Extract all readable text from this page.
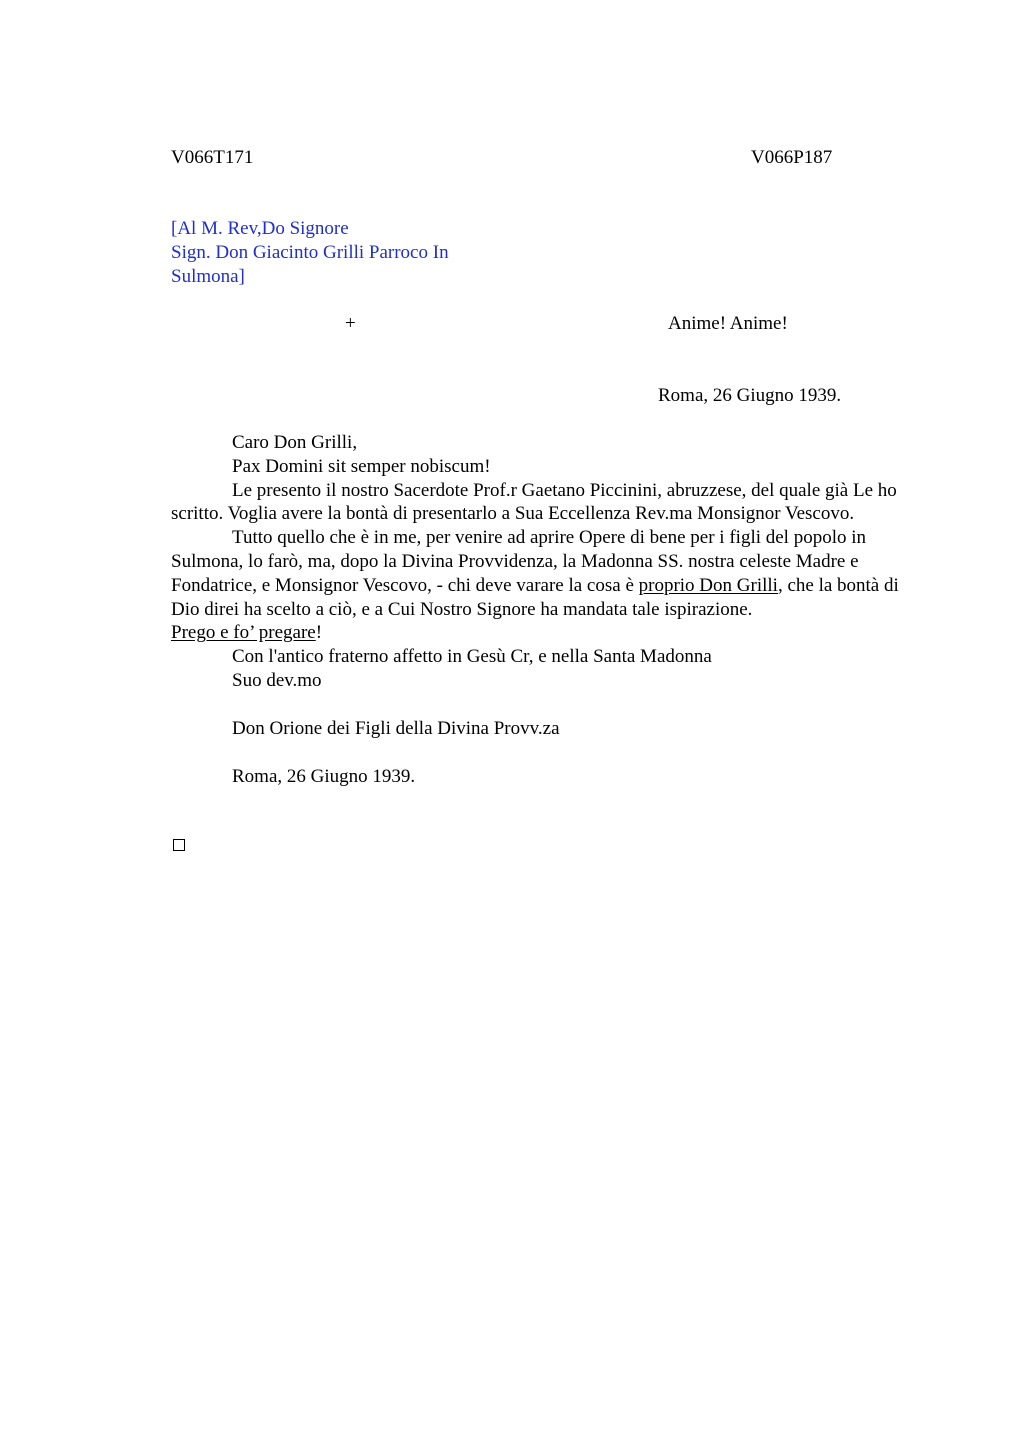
V066T171	V066P187
[Al M. Rev,Do Signore
Sign. Don Giacinto Grilli Parroco In
Sulmona]
+	Anime! Anime!
Roma, 26 Giugno 1939.

Caro Don Grilli,

Pax Domini sit semper nobiscum!

Le presento il nostro Sacerdote Prof.r Gaetano Piccinini, abruzzese, del quale già Le ho scritto. Voglia avere la bontà di presentarlo a Sua Eccellenza Rev.ma Monsignor Vescovo.

Tutto quello che è in me, per venire ad aprire Opere di bene per i figli del popolo in Sulmona, lo farò, ma, dopo la Divina Provvidenza, la Madonna SS. nostra celeste Madre e Fondatrice, e Monsignor Vescovo, - chi deve varare la cosa è proprio Don Grilli, che la bontà di Dio direi ha scelto a ciò, e a Cui Nostro Signore ha mandata tale ispirazione.

Prego e fo’ pregare!

Con l'antico fraterno affetto in Gesù Cr, e nella Santa Madonna

Suo dev.mo

Don Orione dei Figli della Divina Provv.za

Roma, 26 Giugno 1939.
